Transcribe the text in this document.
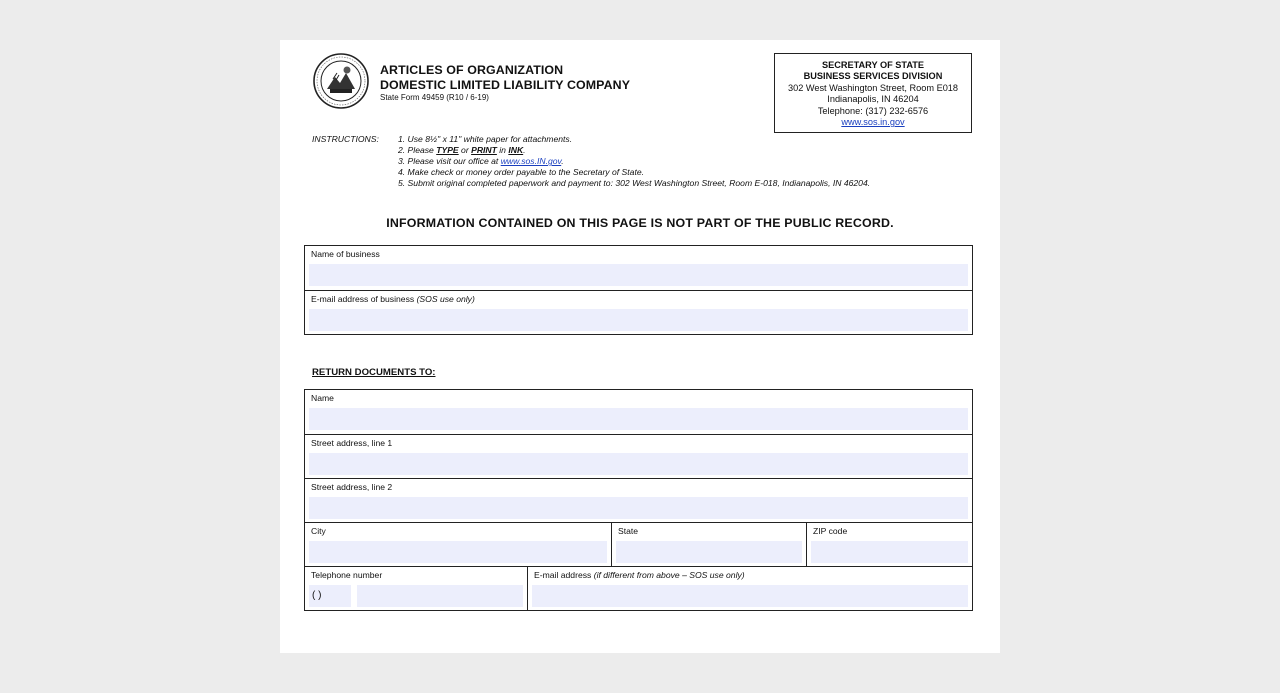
ARTICLES OF ORGANIZATION
DOMESTIC LIMITED LIABILITY COMPANY
State Form 49459 (R10 / 6-19)
SECRETARY OF STATE
BUSINESS SERVICES DIVISION
302 West Washington Street, Room E018
Indianapolis, IN 46204
Telephone: (317) 232-6576
www.sos.in.gov
INSTRUCTIONS: 1. Use 8½" x 11" white paper for attachments.
2. Please TYPE or PRINT in INK.
3. Please visit our office at www.sos.IN.gov.
4. Make check or money order payable to the Secretary of State.
5. Submit original completed paperwork and payment to: 302 West Washington Street, Room E-018, Indianapolis, IN 46204.
INFORMATION CONTAINED ON THIS PAGE IS NOT PART OF THE PUBLIC RECORD.
Name of business
E-mail address of business (SOS use only)
RETURN DOCUMENTS TO:
Name
Street address, line 1
Street address, line 2
City	State	ZIP code
Telephone number
( )
E-mail address (if different from above – SOS use only)
